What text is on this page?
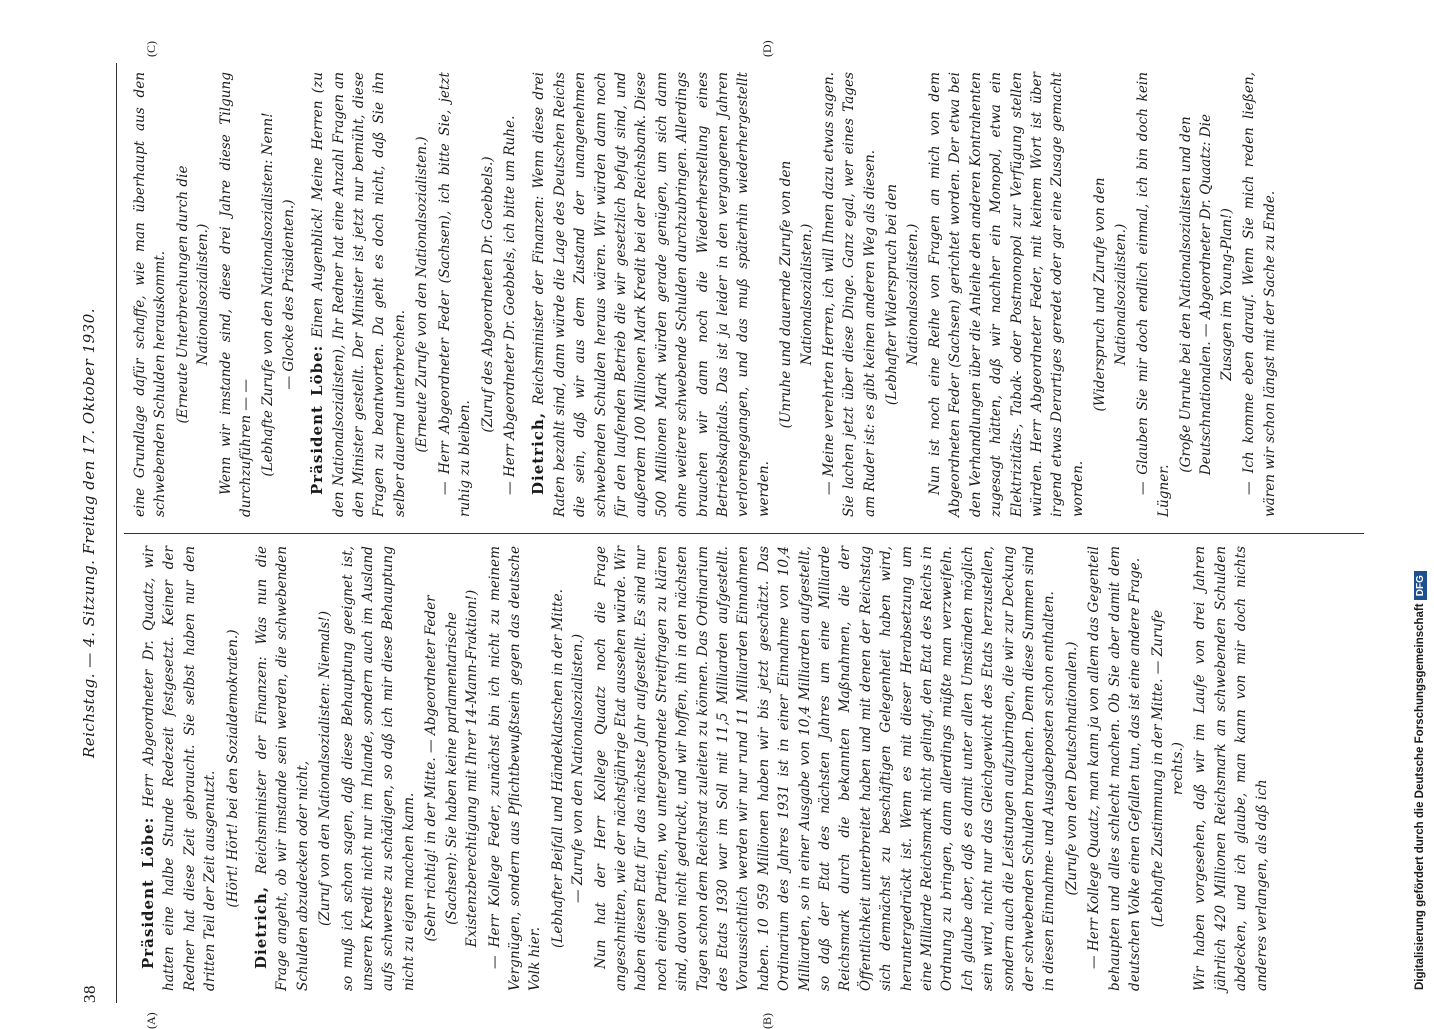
38
Reichstag. — 4. Sitzung. Freitag den 17. Oktober 1930.
(A)	(B)
(C)	(D)

Präsident Löbe: Herr Abgeordneter Dr. Quaatz, wir hatten eine halbe Stunde Redezeit festgesetzt. Keiner der Redner hat diese Zeit gebraucht. Sie selbst haben nur den dritten Teil der Zeit ausgenutzt. (Hört! Hört! bei den Sozialdemokraten.)

Dietrich, Reichsminister der Finanzen: Was nun die Frage angeht, ob wir imstande sein werden, die schwebenden Schulden abzudecken oder nicht, (Zuruf von den Nationalsozialisten: Niemals!) so muß ich schon sagen, daß diese Behauptung geeignet ist, unseren Kredit nicht nur im Inlande, sondern auch im Ausland aufs schwerste zu schädigen, so daß ich mir diese Behauptung nicht zu eigen machen kann. (Sehr richtig! in der Mitte. — Abgeordneter Feder (Sachsen): Sie haben keine parlamentarische Existenzberechtigung mit Ihrer 14-Mann-Fraktion!) — Herr Kollege Feder, zunächst bin ich nicht zu meinem Vergnügen, sondern aus Pflichtbewußtsein gegen das deutsche Volk hier.

(Lebhafter Beifall und Händeklatschen in der Mitte. — Zurufe von den Nationalsozialisten.) Nun hat der Herr Kollege Quaatz noch die Frage angeschnitten, wie der nächstjährige Etat aussehen würde. Wir haben diesen Etat für das nächste Jahr aufgestellt. Es sind nur noch einige Partien, wo untergeordnete Streitfragen zu klären sind, davon nicht gedruckt, und wir hoffen, ihn in den nächsten Tagen schon dem Reichsrat zuleiten zu können. Das Ordinarium des Etats 1930 war im Soll mit 11,5 Milliarden aufgestellt. Voraussichtlich werden wir nur rund 11 Milliarden Einnahmen haben. 10 959 Millionen haben wir bis jetzt geschätzt. Das Ordinarium des Jahres 1931 ist in einer Einnahme von 10,4 Milliarden, so in einer Ausgabe von 10,4 Milliarden aufgestellt, so daß der Etat des nächsten Jahres um eine Milliarde Reichsmark durch die bekannten Maßnahmen, die der Öffentlichkeit unterbreitet haben und mit denen der Reichstag sich demnächst zu beschäftigen Gelegenheit haben wird, heruntergedrückt ist. Wenn es mit dieser Herabsetzung um eine Milliarde Reichsmark nicht gelingt, den Etat des Reichs in Ordnung zu bringen, dann allerdings müßte man verzweifeln. Ich glaube aber, daß es damit unter allen Umständen möglich sein wird, nicht nur das Gleichgewicht des Etats herzustellen, sondern auch die Leistungen aufzubringen, die wir zur Deckung der schwebenden Schulden brauchen. Denn diese Summen sind in diesen Einnahme- und Ausgabeposten schon enthalten. (Zurufe von den Deutschnationalen.) — Herr Kollege Quaatz, man kann ja von allem das Gegenteil behaupten und alles schlecht machen. Ob Sie aber damit dem deutschen Volke einen Gefallen tun, das ist eine andere Frage. (Lebhafte Zustimmung in der Mitte. — Zurufe rechts.) Wir haben vorgesehen, daß wir im Laufe von drei Jahren jährlich 420 Millionen Reichsmark an schwebenden Schulden abdecken, und ich glaube, man kann von mir doch nichts anderes verlangen, als daß ich

eine Grundlage dafür schaffe, wie man überhaupt aus den schwebenden Schulden herauskommt. (Erneute Unterbrechungen durch die Nationalsozialisten.) Wenn wir imstande sind, diese drei Jahre diese Tilgung durchzuführen — — (Lebhafte Zurufe von den Nationalsozialisten: Nenn! — Glocke des Präsidenten.)

Präsident Löbe: Einen Augenblick! Meine Herren (zu den Nationalsozialisten), Ihr Redner hat eine Anzahl Fragen an den Minister gestellt. Der Minister ist jetzt nur bemüht, diese Fragen zu beantworten. Da geht es doch nicht, daß Sie ihn selber dauernd unterbrechen. (Erneute Zurufe von den Nationalsozialisten.) — Herr Abgeordneter Feder (Sachsen), ich bitte Sie, jetzt ruhig zu bleiben.

(Zuruf des Abgeordneten Dr. Goebbels.) — Herr Abgeordneter Dr. Goebbels, ich bitte um Ruhe. Dietrich, Reichsminister der Finanzen: Wenn diese drei Raten bezahlt sind, dann würde die Lage des Deutschen Reichs die sein, daß wir aus dem Zustand der unangenehmen schwebenden Schulden heraus wären. Wir würden dann noch für den laufenden Betrieb die wir gesetzlich befugt sind, und außerdem 100 Millionen Mark Kredit bei der Reichsbank. Diese 500 Millionen Mark würden gerade genügen, um sich dann ohne weitere schwebende Schulden durchzubringen. Allerdings brauchen wir dann noch die Wiederherstellung eines Betriebskapitals. Das ist ja leider in den vergangenen Jahren verlorengegangen, und das muß späterhin wiederhergestellt werden.

(Unruhe und dauernde Zurufe von den Nationalsozialisten.) — Meine verehrten Herren, ich will Ihnen dazu etwas sagen. Sie lachen jetzt über diese Dinge. Ganz egal, wer eines Tages am Ruder ist: es gibt keinen anderen Weg als diesen. (Lebhafter Widerspruch bei den Nationalsozialisten.) Nun ist noch eine Reihe von Fragen an mich von dem Abgeordneten Feder (Sachsen) gerichtet worden. Der etwa bei den Verhandlungen über die Anleihe den anderen Kontrahenten zugesagt hätten, daß wir nachher ein Monopol, etwa ein Elektrizitäts-, Tabak- oder Postmonopol zur Verfügung stellen würden. Herr Abgeordneter Feder, mit keinem Wort ist über irgend etwas Derartiges geredet oder gar eine Zusage gemacht worden.

(Widerspruch und Zurufe von den Nationalsozialisten.) — Glauben Sie mir doch endlich einmal, ich bin doch kein Lügner.

(Große Unruhe bei den Nationalsozialisten und den Deutschnationalen. — Abgeordneter Dr. Quaatz: Die Zusagen im Young-Plan!) — Ich komme eben darauf. Wenn Sie mich reden ließen, wären wir schon längst mit der Sache zu Ende.

Digitalisierung gefördert durch die Deutsche Forschungsgemeinschaft DFG
